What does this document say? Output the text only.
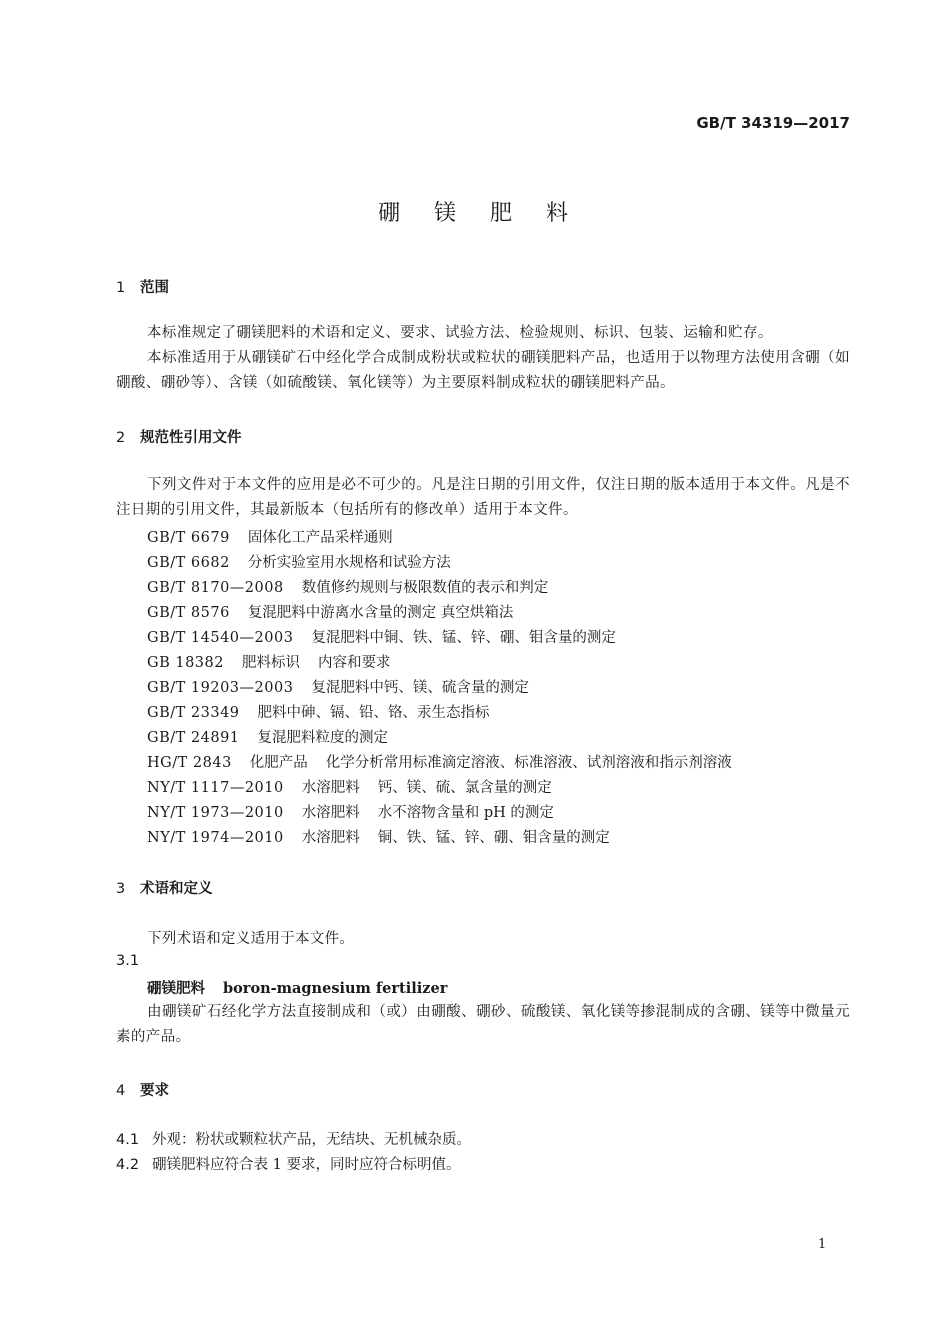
GB/T 34319—2017
硼 镁 肥 料
1 范围
本标准规定了硼镁肥料的术语和定义、要求、试验方法、检验规则、标识、包装、运输和贮存。
本标准适用于从硼镁矿石中经化学合成制成粉状或粒状的硼镁肥料产品，也适用于以物理方法使用含硼（如硼酸、硼砂等）、含镁（如硫酸镁、氧化镁等）为主要原料制成粒状的硼镁肥料产品。
2 规范性引用文件
下列文件对于本文件的应用是必不可少的。凡是注日期的引用文件，仅注日期的版本适用于本文件。凡是不注日期的引用文件，其最新版本（包括所有的修改单）适用于本文件。
GB/T 6679 固体化工产品采样通则
GB/T 6682 分析实验室用水规格和试验方法
GB/T 8170—2008 数值修约规则与极限数值的表示和判定
GB/T 8576 复混肥料中游离水含量的测定 真空烘箱法
GB/T 14540—2003 复混肥料中铜、铁、锰、锌、硼、钼含量的测定
GB 18382 肥料标识 内容和要求
GB/T 19203—2003 复混肥料中钙、镁、硫含量的测定
GB/T 23349 肥料中砷、镉、铅、铬、汞生态指标
GB/T 24891 复混肥料粒度的测定
HG/T 2843 化肥产品 化学分析常用标准滴定溶液、标准溶液、试剂溶液和指示剂溶液
NY/T 1117—2010 水溶肥料 钙、镁、硫、氯含量的测定
NY/T 1973—2010 水溶肥料 水不溶物含量和 pH 的测定
NY/T 1974—2010 水溶肥料 铜、铁、锰、锌、硼、钼含量的测定
3 术语和定义
下列术语和定义适用于本文件。
3.1
硼镁肥料 boron-magnesium fertilizer
由硼镁矿石经化学方法直接制成和（或）由硼酸、硼砂、硫酸镁、氧化镁等掺混制成的含硼、镁等中微量元素的产品。
4 要求
4.1 外观：粉状或颗粒状产品，无结块、无机械杂质。
4.2 硼镁肥料应符合表 1 要求，同时应符合标明值。
1
